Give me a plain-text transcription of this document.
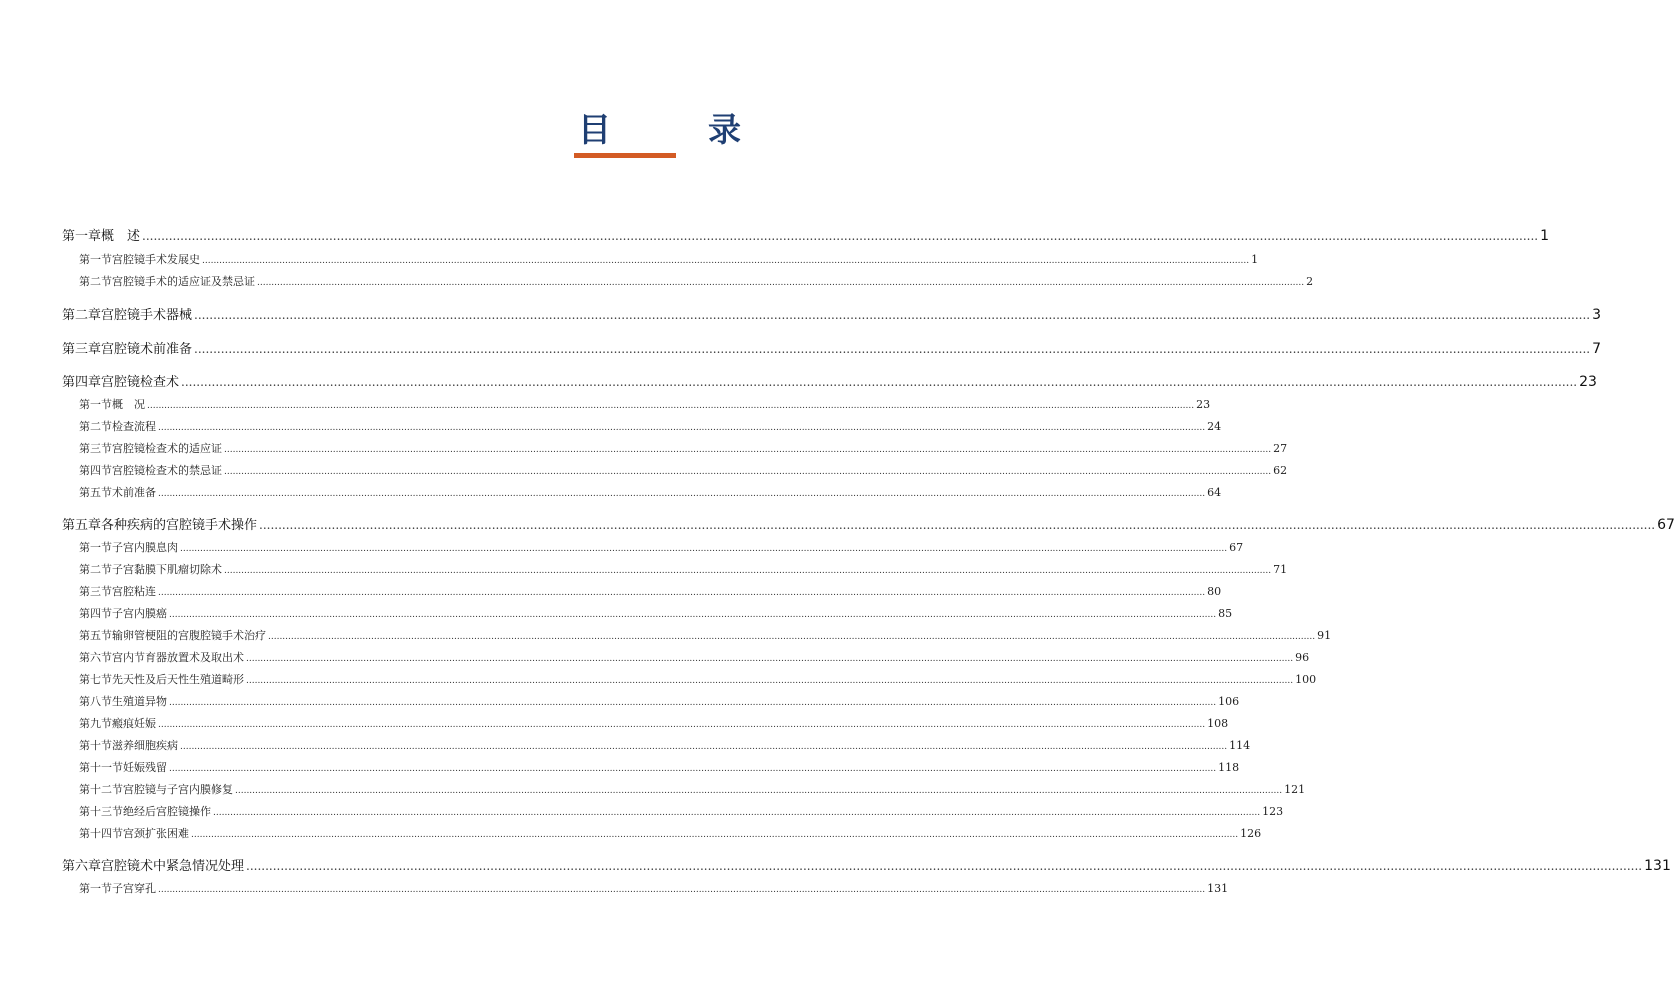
目　录
第一章 概　述 .....	1
第一节 宫腔镜手术发展史 .....	1
第二节 宫腔镜手术的适应证及禁忌证 .....	2
第二章 宫腔镜手术器械 .....	3
第三章 宫腔镜术前准备 .....	7
第四章 宫腔镜检查术 .....	23
第一节 概　况 .....	23
第二节 检查流程 .....	24
第三节 宫腔镜检查术的适应证 .....	27
第四节 宫腔镜检查术的禁忌证 .....	62
第五节 术前准备 .....	64
第五章 各种疾病的宫腔镜手术操作 .....	67
第一节 子宫内膜息肉 .....	67
第二节 子宫黏膜下肌瘤切除术 .....	71
第三节 宫腔粘连 .....	80
第四节 子宫内膜癌 .....	85
第五节 输卵管梗阻的宫腹腔镜手术治疗 .....	91
第六节 宫内节育器放置术及取出术 .....	96
第七节 先天性及后天性生殖道畸形 .....	100
第八节 生殖道异物 .....	106
第九节 瘢痕妊娠 .....	108
第十节 滋养细胞疾病 .....	114
第十一节 妊娠残留 .....	118
第十二节 宫腔镜与子宫内膜修复 .....	121
第十三节 绝经后宫腔镜操作 .....	123
第十四节 宫颈扩张困难 .....	126
第六章 宫腔镜术中紧急情况处理 .....	131
第一节 子宫穿孔 .....	131
